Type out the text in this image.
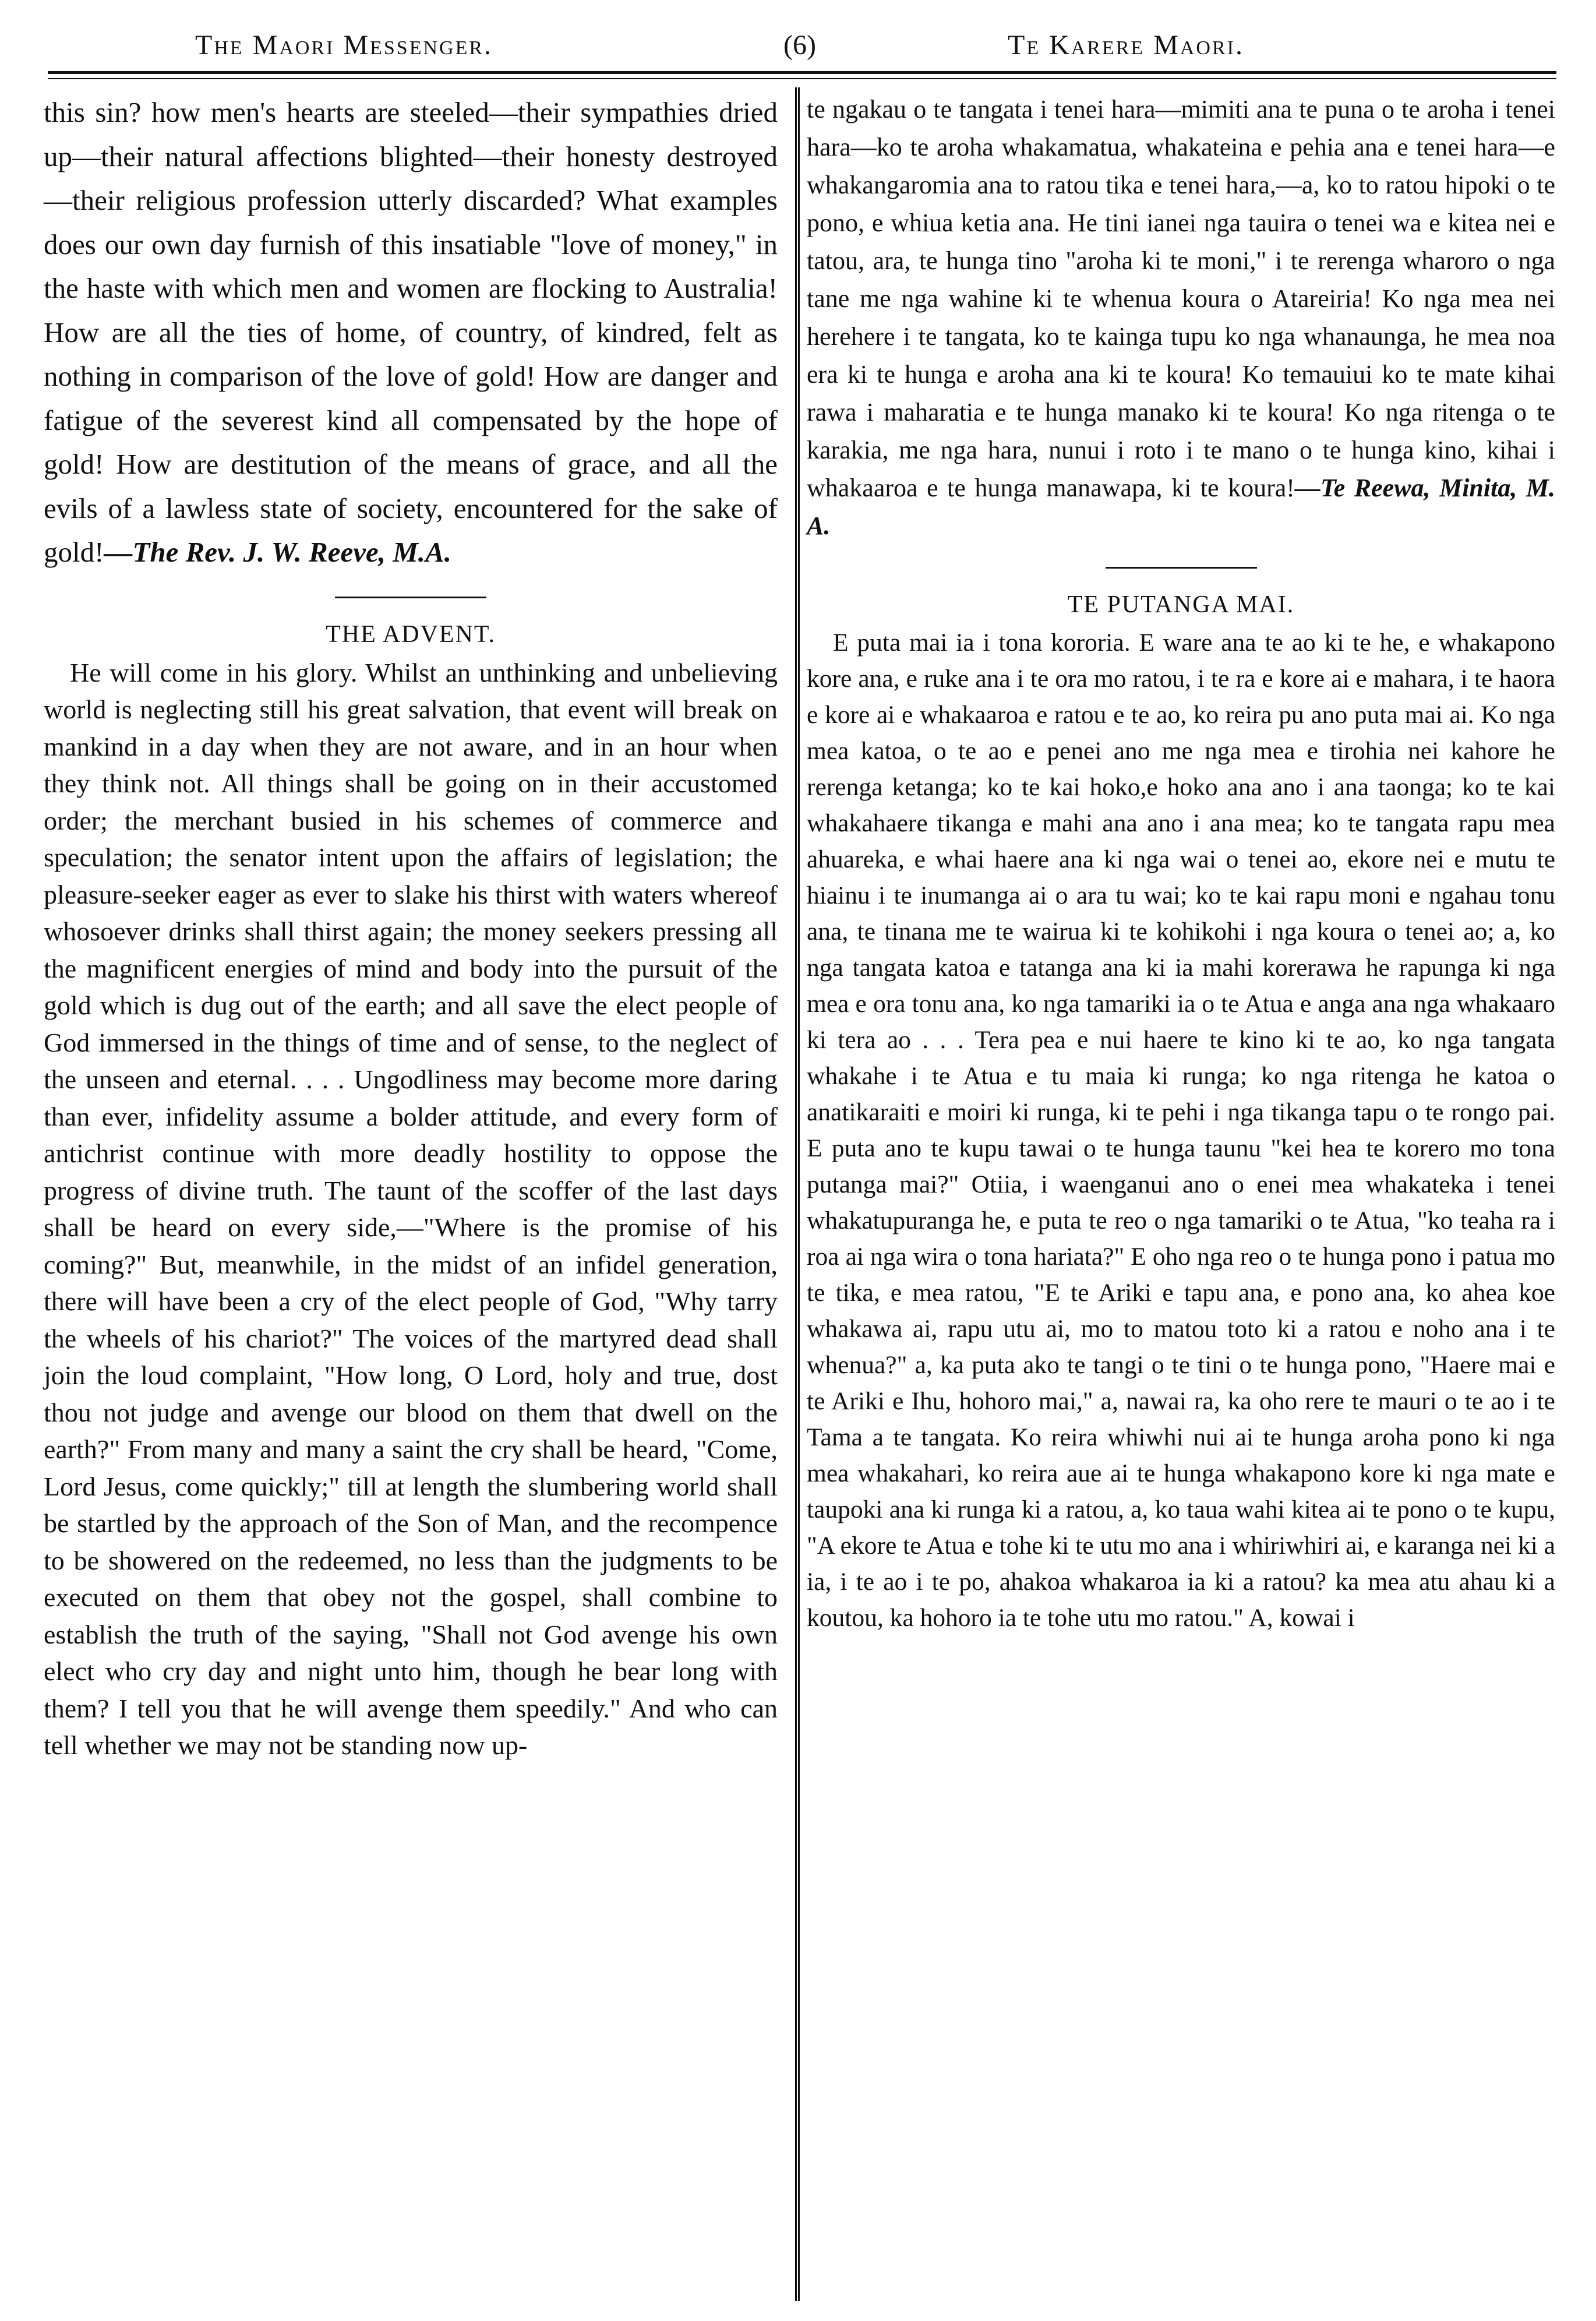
The Maori Messenger.	(6)	Te Karere Maori.

this sin? how men's hearts are steeled—their sympathies dried up—their natural affections blighted—their honesty destroyed—their religious profession utterly discarded? What examples does our own day furnish of this insatiable "love of money," in the haste with which men and women are flocking to Australia! How are all the ties of home, of country, of kindred, felt as nothing in comparison of the love of gold! How are danger and fatigue of the severest kind all compensated by the hope of gold! How are destitution of the means of grace, and all the evils of a lawless state of society, encountered for the sake of gold!—The Rev. J. W. Reeve, M.A.

THE ADVENT.

He will come in his glory. Whilst an unthinking and unbelieving world is neglecting still his great salvation, that event will break on mankind in a day when they are not aware, and in an hour when they think not. All things shall be going on in their accustomed order; the merchant busied in his schemes of commerce and speculation; the senator intent upon the affairs of legislation; the pleasure-seeker eager as ever to slake his thirst with waters whereof whosoever drinks shall thirst again; the money seekers pressing all the magnificent energies of mind and body into the pursuit of the gold which is dug out of the earth; and all save the elect people of God immersed in the things of time and of sense, to the neglect of the unseen and eternal. . . . Ungodliness may become more daring than ever, infidelity assume a bolder attitude, and every form of antichrist continue with more deadly hostility to oppose the progress of divine truth. The taunt of the scoffer of the last days shall be heard on every side,—"Where is the promise of his coming?" But, meanwhile, in the midst of an infidel generation, there will have been a cry of the elect people of God, "Why tarry the wheels of his chariot?" The voices of the martyred dead shall join the loud complaint, "How long, O Lord, holy and true, dost thou not judge and avenge our blood on them that dwell on the earth?" From many and many a saint the cry shall be heard, "Come, Lord Jesus, come quickly;" till at length the slumbering world shall be startled by the approach of the Son of Man, and the recompence to be showered on the redeemed, no less than the judgments to be executed on them that obey not the gospel, shall combine to establish the truth of the saying, "Shall not God avenge his own elect who cry day and night unto him, though he bear long with them? I tell you that he will avenge them speedily." And who can tell whether we may not be standing now up-

te ngakau o te tangata i tenei hara—mimiti ana te puna o te aroha i tenei hara—ko te aroha whakamatua, whakateina e pehia ana e tenei hara—e whakangaromia ana to ratou tika e tenei hara,—a, ko to ratou hipoki o te pono, e whiua ketia ana. He tini ianei nga tauira o tenei wa e kitea nei e tatou, ara, te hunga tino "aroha ki te moni," i te rerenga wharoro o nga tane me nga wahine ki te whenua koura o Atareiria! Ko nga mea nei herehere i te tangata, ko te kainga tupu ko nga whanaunga, he mea noa era ki te hunga e aroha ana ki te koura! Ko temauiui ko te mate kihai rawa i maharatia e te hunga manako ki te koura! Ko nga ritenga o te karakia, me nga hara, nunui i roto i te mano o te hunga kino, kihai i whakaaroa e te hunga manawapa, ki te koura!—Te Reewa, Minita, M. A.

TE PUTANGA MAI.

E puta mai ia i tona kororia. E ware ana te ao ki te he, e whakapono kore ana, e ruke ana i te ora mo ratou, i te ra e kore ai e mahara, i te haora e kore ai e whakaaroa e ratou e te ao, ko reira pu ano puta mai ai. Ko nga mea katoa, o te ao e penei ano me nga mea e tirohia nei kahore he rerenga ketanga; ko te kai hoko,e hoko ana ano i ana taonga; ko te kai whakahaere tikanga e mahi ana ano i ana mea; ko te tangata rapu mea ahuareka, e whai haere ana ki nga wai o tenei ao, ekore nei e mutu te hiainu i te inumanga ai o ara tu wai; ko te kai rapu moni e ngahau tonu ana, te tinana me te wairua ki te kohikohi i nga koura o tenei ao; a, ko nga tangata katoa e tatanga ana ki ia mahi korerawa he rapunga ki nga mea e ora tonu ana, ko nga tamariki ia o te Atua e anga ana nga whakaaro ki tera ao . . . Tera pea e nui haere te kino ki te ao, ko nga tangata whakahe i te Atua e tu maia ki runga; ko nga ritenga he katoa o anatikaraiti e moiri ki runga, ki te pehi i nga tikanga tapu o te rongo pai. E puta ano te kupu tawai o te hunga taunu "kei hea te korero mo tona putanga mai?" Otiia, i waenganui ano o enei mea whakateka i tenei whakatupuranga he, e puta te reo o nga tamariki o te Atua, "ko teaha ra i roa ai nga wira o tona hariata?" E oho nga reo o te hunga pono i patua mo te tika, e mea ratou, "E te Ariki e tapu ana, e pono ana, ko ahea koe whakawa ai, rapu utu ai, mo to matou toto ki a ratou e noho ana i te whenua?" a, ka puta ako te tangi o te tini o te hunga pono, "Haere mai e te Ariki e Ihu, hohoro mai," a, nawai ra, ka oho rere te mauri o te ao i te Tama a te tangata. Ko reira whiwhi nui ai te hunga aroha pono ki nga mea whakahari, ko reira aue ai te hunga whakapono kore ki nga mate e taupoki ana ki runga ki a ratou, a, ko taua wahi kitea ai te pono o te kupu, "A ekore te Atua e tohe ki te utu mo ana i whiriwhiri ai, e karanga nei ki a ia, i te ao i te po, ahakoa whakaroa ia ki a ratou? ka mea atu ahau ki a koutou, ka hohoro ia te tohe utu mo ratou." A, kowai i
